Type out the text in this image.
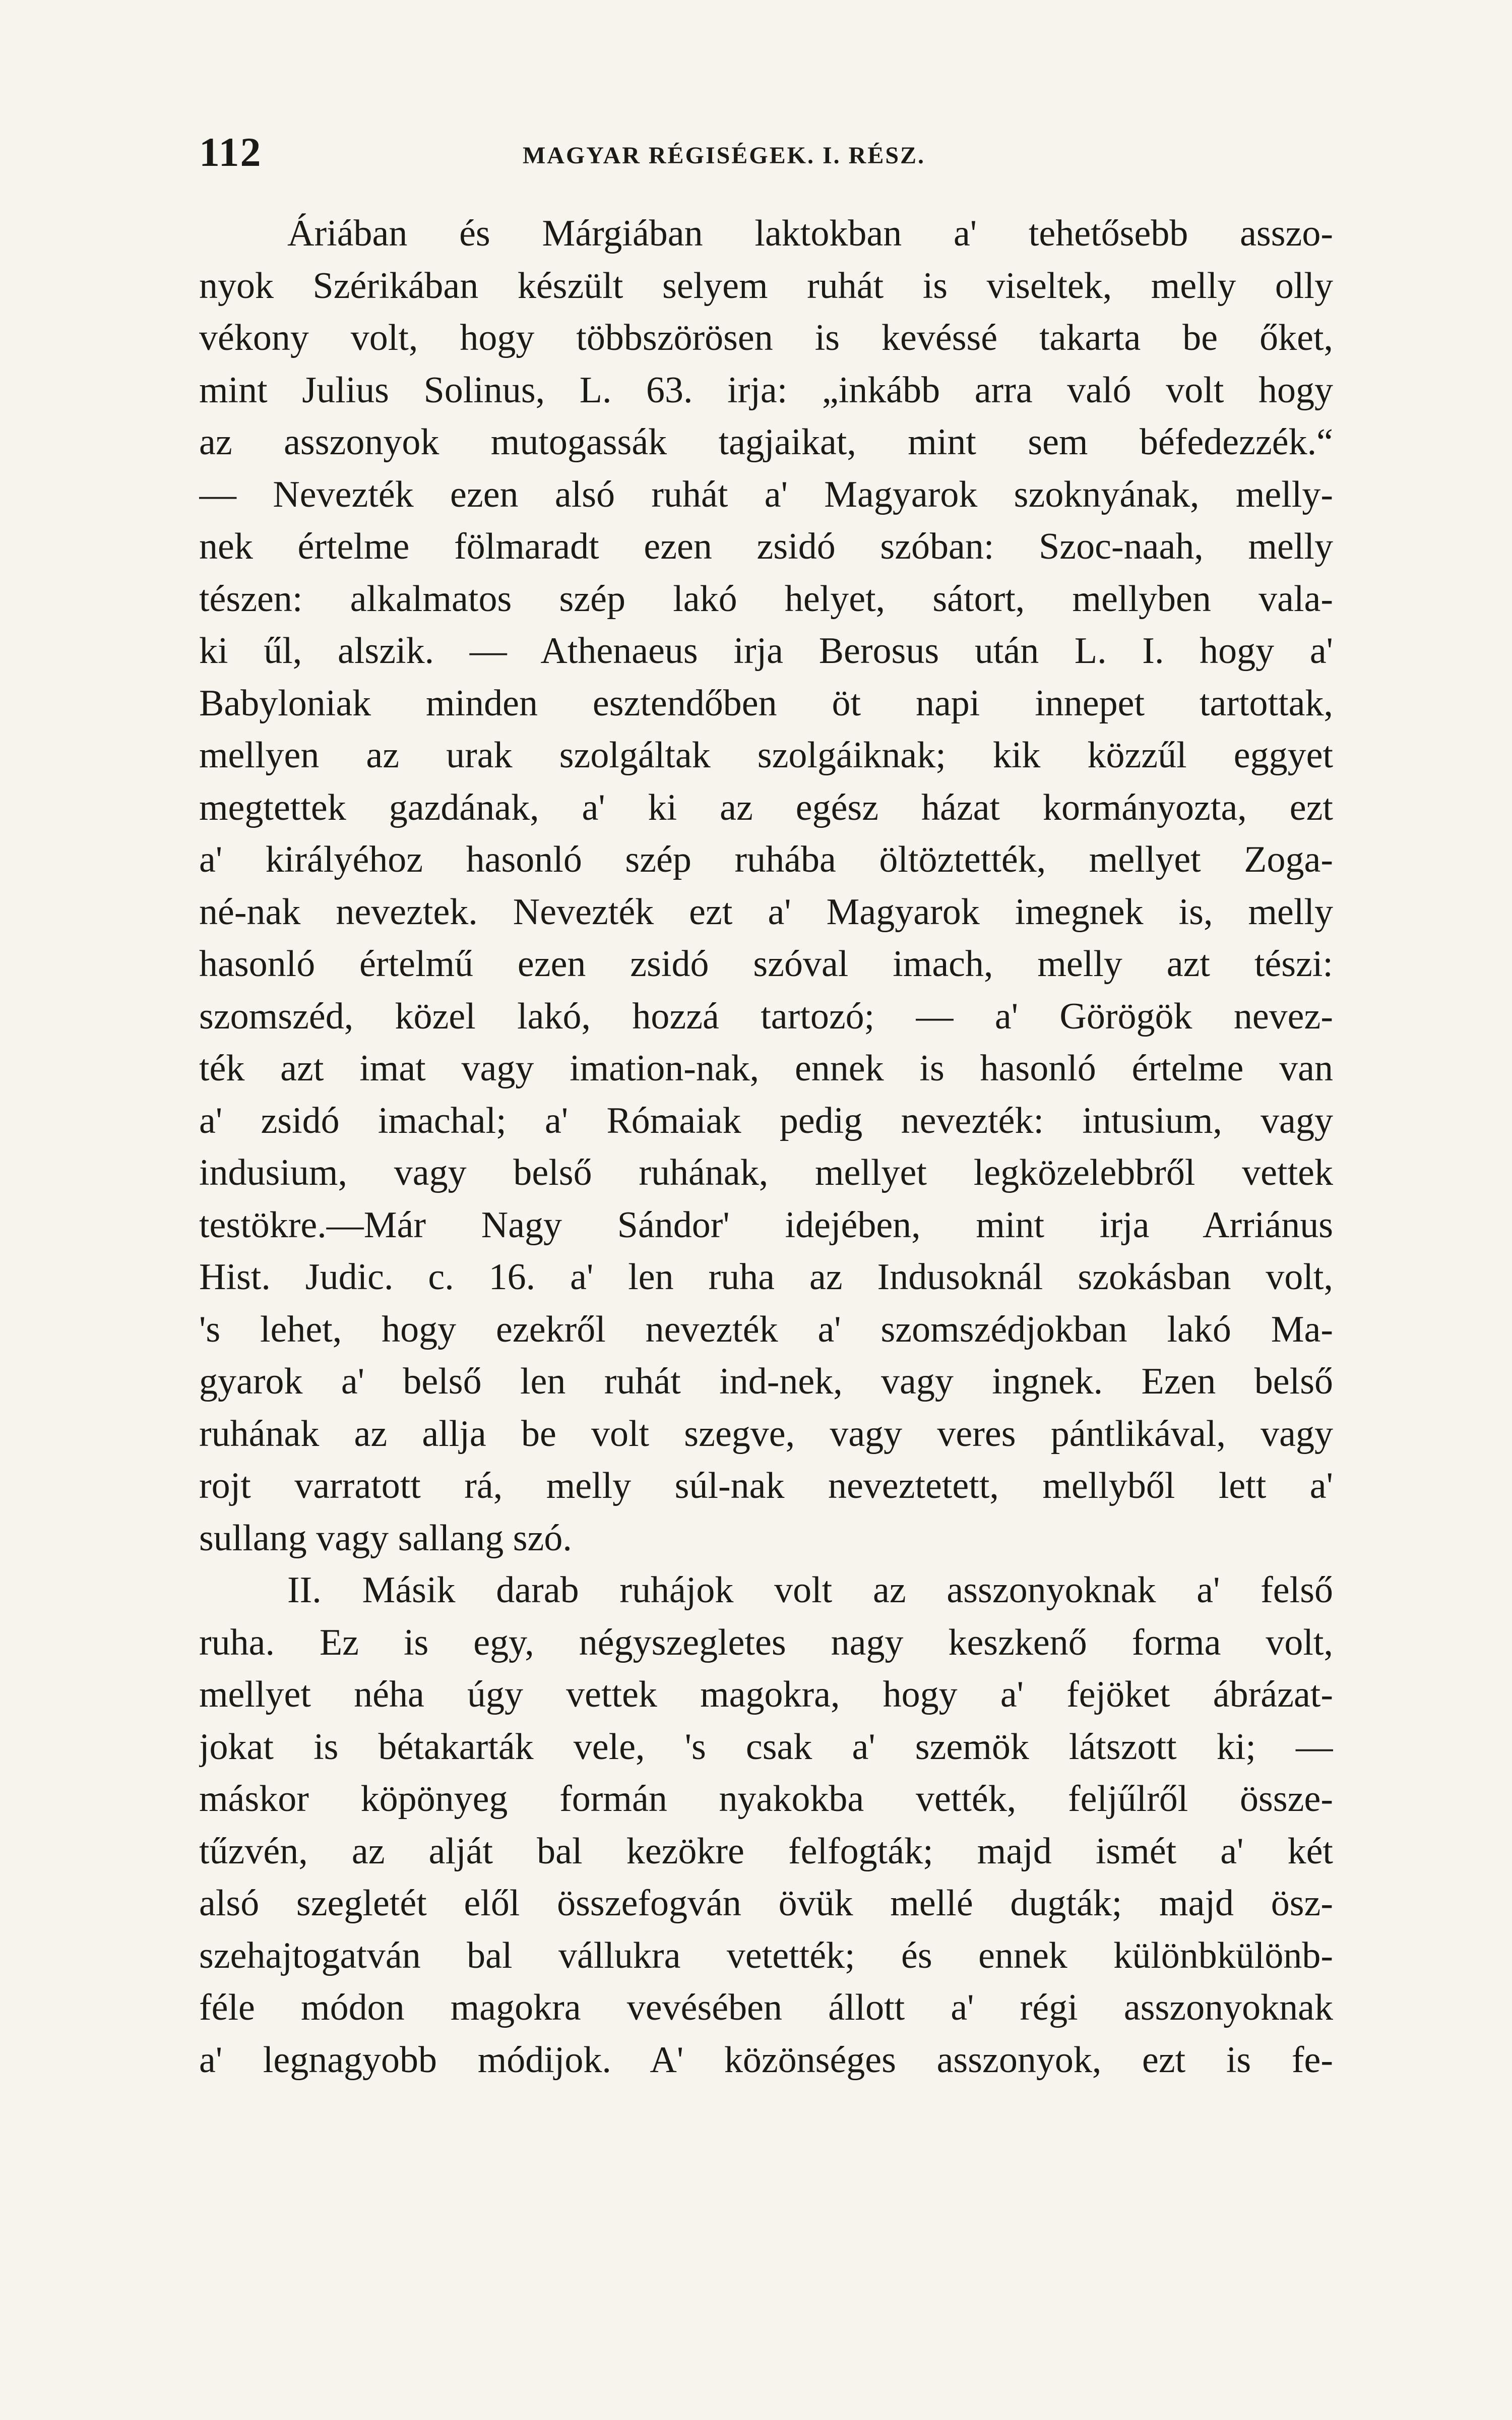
112	MAGYAR RÉGISÉGEK. I. RÉSZ.
Áriában és Márgiában laktokban a' tehetősebb asszo-
nyok Szérikában készült selyem ruhát is viseltek, melly olly
vékony volt, hogy többszörösen is kevéssé takarta be őket,
mint Julius Solinus, L. 63. irja: „inkább arra való volt hogy
az asszonyok mutogassák tagjaikat, mint sem béfedezzék.“
— Nevezték ezen alsó ruhát a' Magyarok szoknyának, melly-
nek értelme fölmaradt ezen zsidó szóban: Szoc-naah, melly
tészen: alkalmatos szép lakó helyet, sátort, mellyben vala-
ki űl, alszik. — Athenaeus irja Berosus után L. I. hogy a'
Babyloniak minden esztendőben öt napi innepet tartottak,
mellyen az urak szolgáltak szolgáiknak; kik közzűl eggyet
megtettek gazdának, a' ki az egész házat kormányozta, ezt
a' királyéhoz hasonló szép ruhába öltöztették, mellyet Zoga-
né-nak neveztek. Nevezték ezt a' Magyarok imegnek is, melly
hasonló értelmű ezen zsidó szóval imach, melly azt tészi:
szomszéd, közel lakó, hozzá tartozó; — a' Görögök nevez-
ték azt imat vagy imation-nak, ennek is hasonló értelme van
a' zsidó imachal; a' Rómaiak pedig nevezték: intusium, vagy
indusium, vagy belső ruhának, mellyet legközelebbről vettek
testökre.—Már Nagy Sándor' idejében, mint irja Arriánus
Hist. Judic. c. 16. a' len ruha az Indusoknál szokásban volt,
's lehet, hogy ezekről nevezték a' szomszédjokban lakó Ma-
gyarok a' belső len ruhát ind-nek, vagy ingnek. Ezen belső
ruhának az allja be volt szegve, vagy veres pántlikával, vagy
rojt varratott rá, melly súl-nak neveztetett, mellyből lett a'
sullang vagy sallang szó.
II. Másik darab ruhájok volt az asszonyoknak a' felső
ruha. Ez is egy, négyszegletes nagy keszkenő forma volt,
mellyet néha úgy vettek magokra, hogy a' fejöket ábrázat-
jokat is bétakarták vele, 's csak a' szemök látszott ki; —
máskor köpönyeg formán nyakokba vették, feljűlről össze-
tűzvén, az alját bal kezökre felfogták; majd ismét a' két
alsó szegletét elől összefogván övük mellé dugták; majd ösz-
szehajtogatván bal vállukra vetették; és ennek különbkülönb-
féle módon magokra vevésében állott a' régi asszonyoknak
a' legnagyobb módijok. A' közönséges asszonyok, ezt is fe-
